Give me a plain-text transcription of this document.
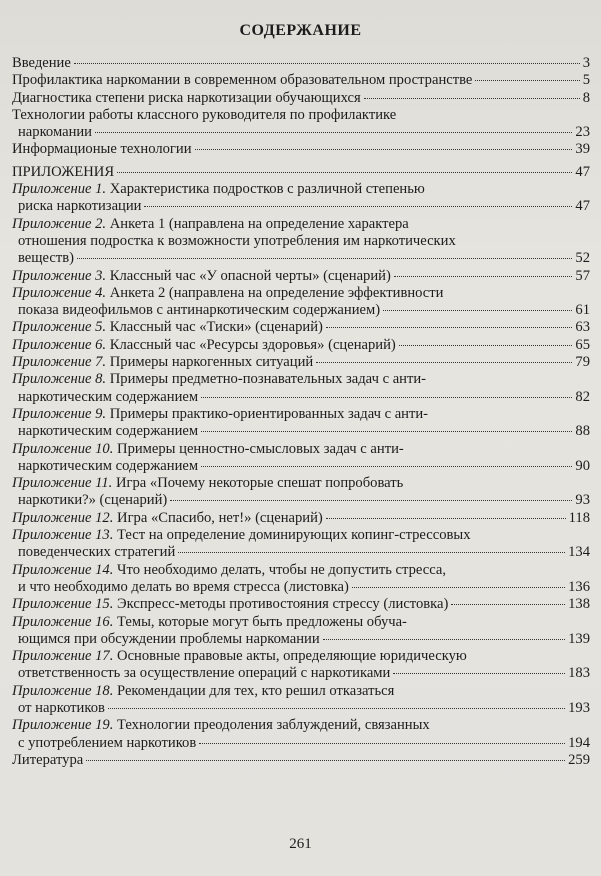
СОДЕРЖАНИЕ
Введение	3
Профилактика наркомании в современном образовательном пространстве	5
Диагностика степени риска наркотизации обучающихся	8
Технологии работы классного руководителя по профилактике
наркомании	23
Информационые технологии	39
ПРИЛОЖЕНИЯ	47
Приложение 1. Характеристика подростков с различной степенью
риска наркотизации	47
Приложение 2. Анкета 1 (направлена на определение характера
отношения подростка к возможности употребления им наркотических
веществ)	52
Приложение 3. Классный час «У опасной черты» (сценарий)	57
Приложение 4. Анкета 2 (направлена на определение эффективности
показа видеофильмов с антинаркотическим содержанием)	61
Приложение 5. Классный час «Тиски» (сценарий)	63
Приложение 6. Классный час «Ресурсы здоровья» (сценарий)	65
Приложение 7. Примеры наркогенных ситуаций	79
Приложение 8. Примеры предметно-познавательных задач с анти-
наркотическим содержанием	82
Приложение 9. Примеры практико-ориентированных задач с анти-
наркотическим содержанием	88
Приложение 10. Примеры ценностно-смысловых задач с анти-
наркотическим содержанием	90
Приложение 11. Игра «Почему некоторые спешат попробовать
наркотики?» (сценарий)	93
Приложение 12. Игра «Спасибо, нет!» (сценарий)	118
Приложение 13. Тест на определение доминирующих копинг-стрессовых
поведенческих стратегий	134
Приложение 14. Что необходимо делать, чтобы не допустить стресса,
и что необходимо делать во время стресса (листовка)	136
Приложение 15. Экспресс-методы противостояния стрессу (листовка)	138
Приложение 16. Темы, которые могут быть предложены обуча-
ющимся при обсуждении проблемы наркомании	139
Приложение 17. Основные правовые акты, определяющие юридическую
ответственность за осуществление операций с наркотиками	183
Приложение 18. Рекомендации для тех, кто решил отказаться
от наркотиков	193
Приложение 19. Технологии преодоления заблуждений, связанных
с употреблением наркотиков	194
Литература	259
261
